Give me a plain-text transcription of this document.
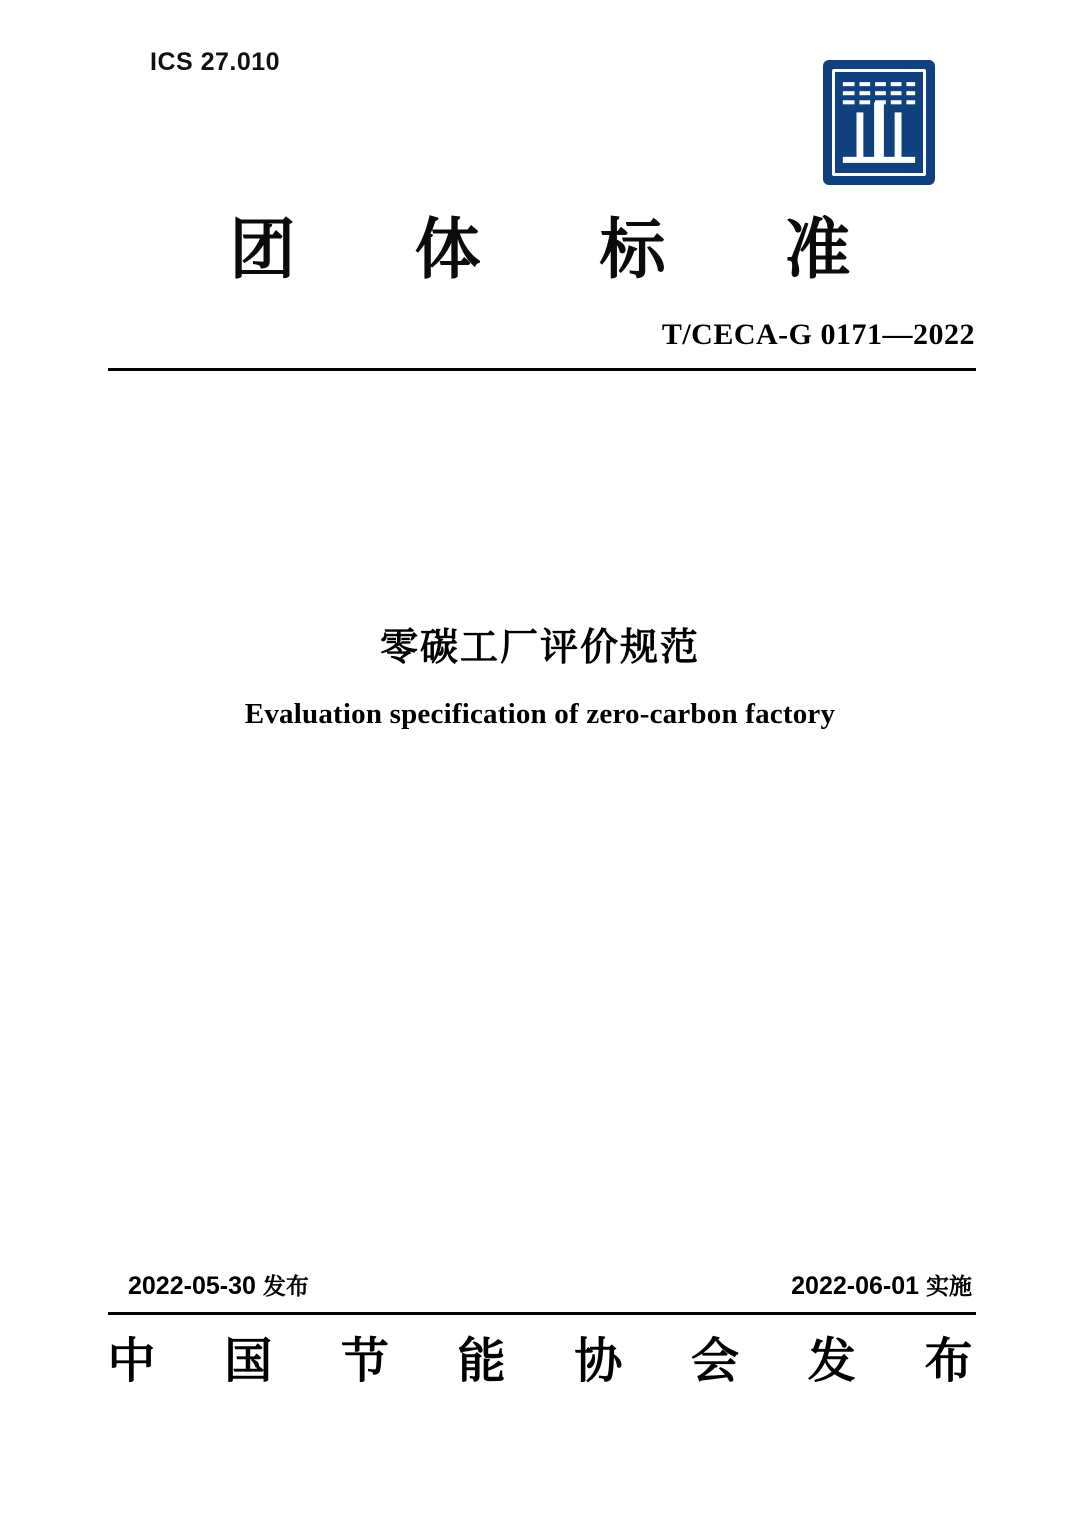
ICS 27.010
团 体 标 准
T/CECA-G 0171—2022
零碳工厂评价规范
Evaluation specification of zero-carbon factory
2022-05-30 发布	2022-06-01 实施
中 国 节 能 协 会 发 布
